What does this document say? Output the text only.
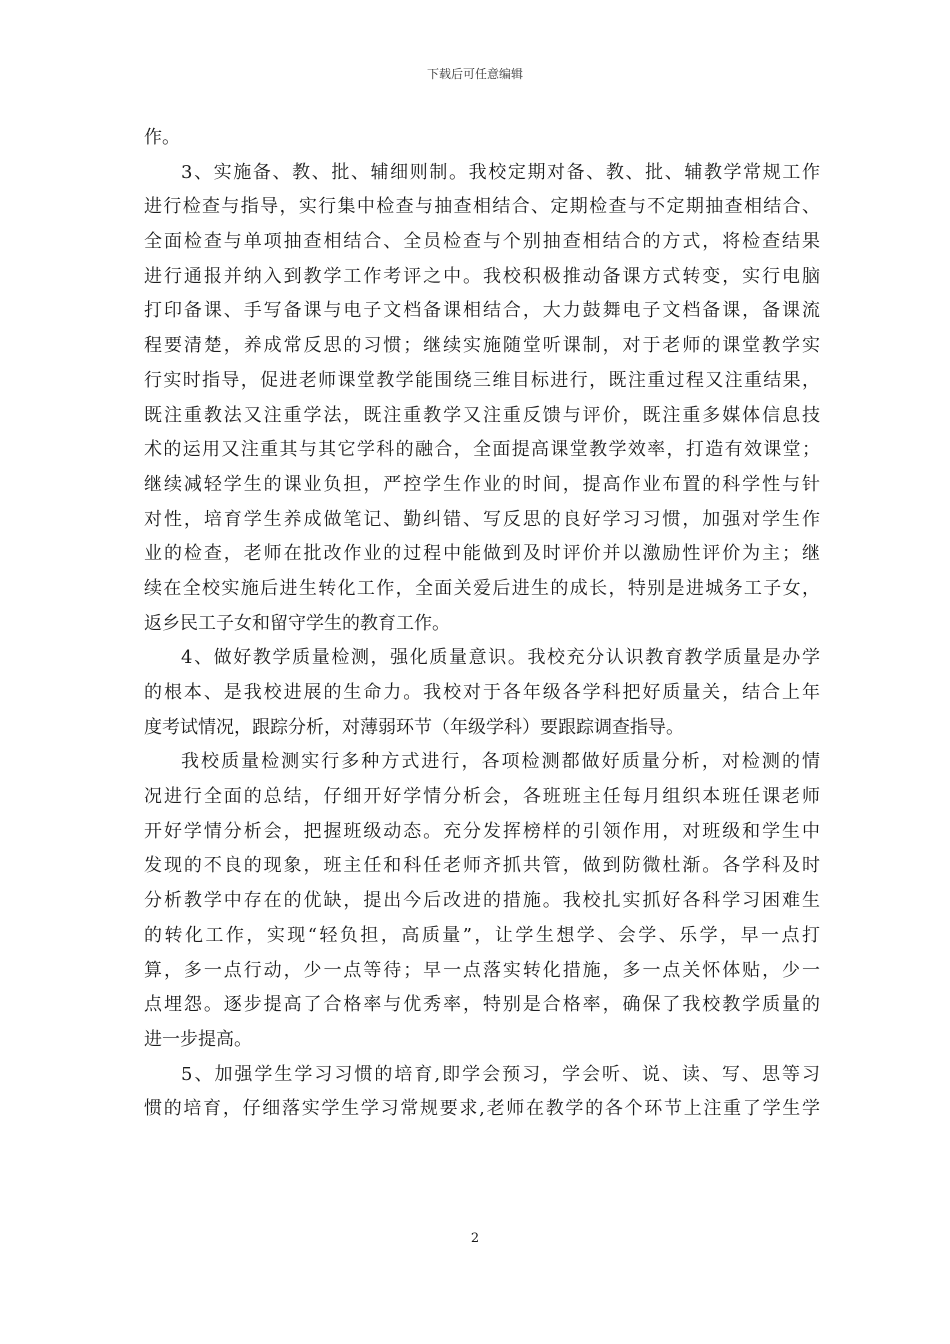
下载后可任意编辑
作。
3、实施备、教、批、辅细则制。我校定期对备、教、批、辅教学常规工作
进行检查与指导，实行集中检查与抽查相结合、定期检查与不定期抽查相结合、
全面检查与单项抽查相结合、全员检查与个别抽查相结合的方式，将检查结果
进行通报并纳入到教学工作考评之中。我校积极推动备课方式转变，实行电脑
打印备课、手写备课与电子文档备课相结合，大力鼓舞电子文档备课，备课流
程要清楚，养成常反思的习惯；继续实施随堂听课制，对于老师的课堂教学实
行实时指导，促进老师课堂教学能围绕三维目标进行，既注重过程又注重结果，
既注重教法又注重学法，既注重教学又注重反馈与评价，既注重多媒体信息技
术的运用又注重其与其它学科的融合，全面提高课堂教学效率，打造有效课堂；
继续减轻学生的课业负担，严控学生作业的时间，提高作业布置的科学性与针
对性，培育学生养成做笔记、勤纠错、写反思的良好学习习惯，加强对学生作
业的检查，老师在批改作业的过程中能做到及时评价并以激励性评价为主；继
续在全校实施后进生转化工作，全面关爱后进生的成长，特别是进城务工子女，
返乡民工子女和留守学生的教育工作。
4、做好教学质量检测，强化质量意识。我校充分认识教育教学质量是办学
的根本、是我校进展的生命力。我校对于各年级各学科把好质量关，结合上年
度考试情况，跟踪分析，对薄弱环节（年级学科）要跟踪调查指导。
我校质量检测实行多种方式进行，各项检测都做好质量分析，对检测的情
况进行全面的总结，仔细开好学情分析会，各班班主任每月组织本班任课老师
开好学情分析会，把握班级动态。充分发挥榜样的引领作用，对班级和学生中
发现的不良的现象，班主任和科任老师齐抓共管，做到防微杜渐。各学科及时
分析教学中存在的优缺，提出今后改进的措施。我校扎实抓好各科学习困难生
的转化工作，实现“轻负担，高质量”，让学生想学、会学、乐学，早一点打
算，多一点行动，少一点等待；早一点落实转化措施，多一点关怀体贴，少一
点埋怨。逐步提高了合格率与优秀率，特别是合格率，确保了我校教学质量的
进一步提高。
5、加强学生学习习惯的培育,即学会预习，学会听、说、读、写、思等习
惯的培育，仔细落实学生学习常规要求,老师在教学的各个环节上注重了学生学
2
